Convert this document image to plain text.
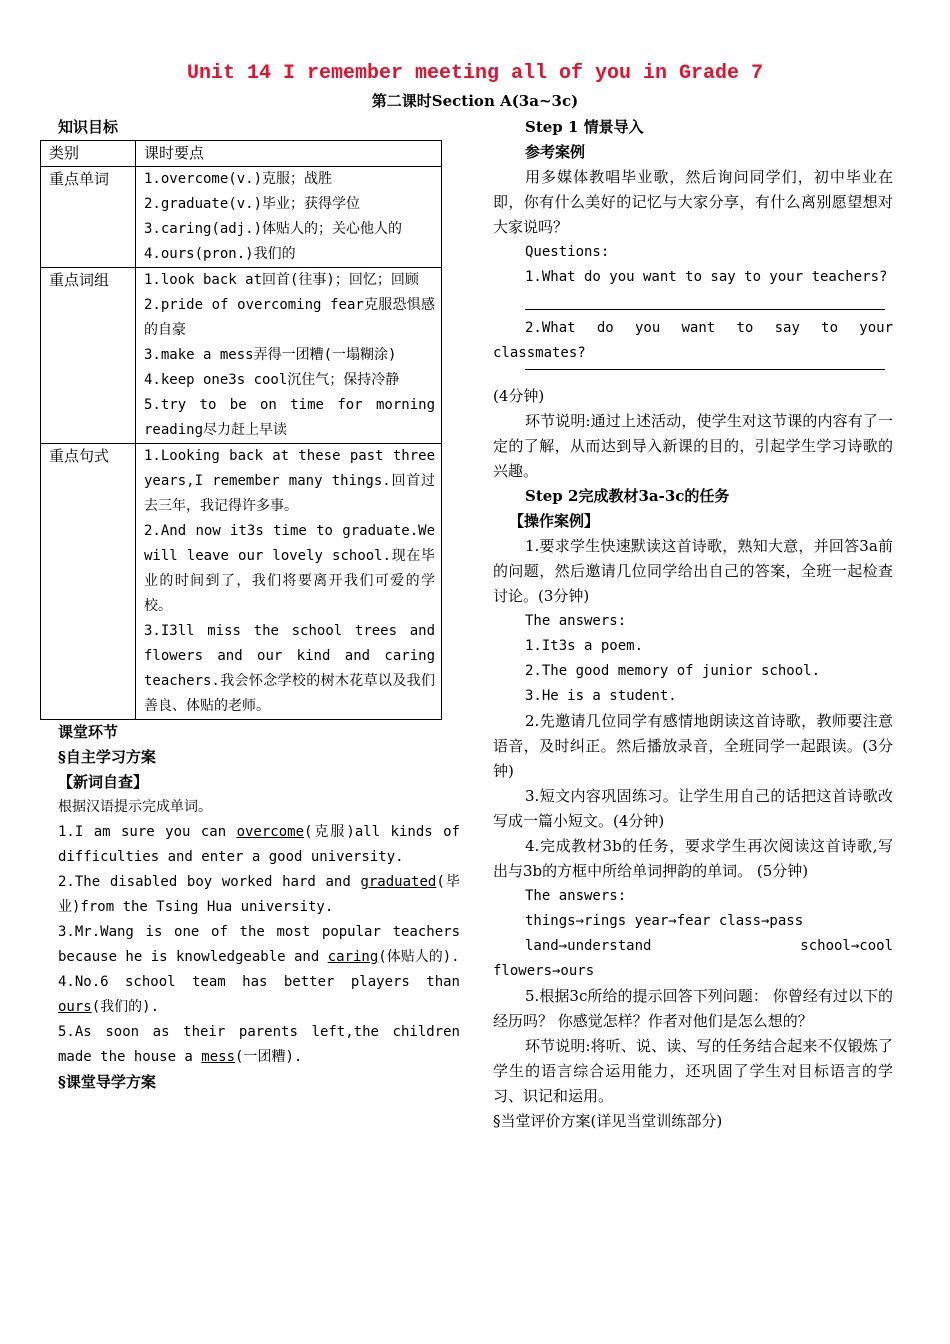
Unit 14 I remember meeting all of you in Grade 7
第二课时Section A(3a~3c)
知识目标
类别	课时要点
重点单词	1.overcome(v.)克服；战胜
2.graduate(v.)毕业；获得学位
3.caring(adj.)体贴人的；关心他人的
4.ours(pron.)我们的

重点词组	1.look back at回首(往事)；回忆；回顾
2.pride of overcoming fear克服恐惧感的自豪
3.make a mess弄得一团糟(一塌糊涂)
4.keep one3s cool沉住气；保持冷静
5.try to be on time for morning reading尽力赶上早读

重点句式	1.Looking back at these past three years,I remember many things.回首过去三年，我记得许多事。
2.And now it3s time to graduate.We will leave our lovely school.现在毕业的时间到了，我们将要离开我们可爱的学校。
3.I3ll miss the school trees and flowers and our kind and caring teachers.我会怀念学校的树木花草以及我们善良、体贴的老师。
课堂环节
§自主学习方案
【新词自查】
根据汉语提示完成单词。
1.I am sure you can overcome(克服)all kinds of difficulties and enter a good university.
2.The disabled boy worked hard and graduated(毕业)from the Tsing Hua university.
3.Mr.Wang is one of the most popular teachers because he is knowledgeable and caring(体贴人的).
4.No.6 school team has better players than ours(我们的).
5.As soon as their parents left,the children made the house a mess(一团糟).
§课堂导学方案
Step 1 情景导入
参考案例
用多媒体教唱毕业歌，然后询问同学们，初中毕业在即，你有什么美好的记忆与大家分享，有什么离别愿望想对大家说吗？
Questions:
1.What do you want to say to your teachers?
2.What do you want to say to your classmates?
(4分钟)
环节说明:通过上述活动，使学生对这节课的内容有了一定的了解，从而达到导入新课的目的，引起学生学习诗歌的兴趣。
Step 2完成教材3a-3c的任务
【操作案例】
1.要求学生快速默读这首诗歌，熟知大意，并回答3a前的问题，然后邀请几位同学给出自己的答案，全班一起检查讨论。(3分钟)
The answers:
1.It3s a poem.
2.The good memory of junior school.
3.He is a student.
2.先邀请几位同学有感情地朗读这首诗歌，教师要注意语音，及时纠正。然后播放录音，全班同学一起跟读。(3分钟)
3.短文内容巩固练习。让学生用自己的话把这首诗歌改写成一篇小短文。(4分钟)
4.完成教材3b的任务，要求学生再次阅读这首诗歌,写出与3b的方框中所给单词押韵的单词。 (5分钟)
The answers:
things→rings year→fear class→pass
land→understand	school→cool
flowers→ours
5.根据3c所给的提示回答下列问题： 你曾经有过以下的经历吗？ 你感觉怎样？作者对他们是怎么想的？
环节说明:将听、说、读、写的任务结合起来不仅锻炼了学生的语言综合运用能力，还巩固了学生对目标语言的学习、识记和运用。
§当堂评价方案(详见当堂训练部分)
